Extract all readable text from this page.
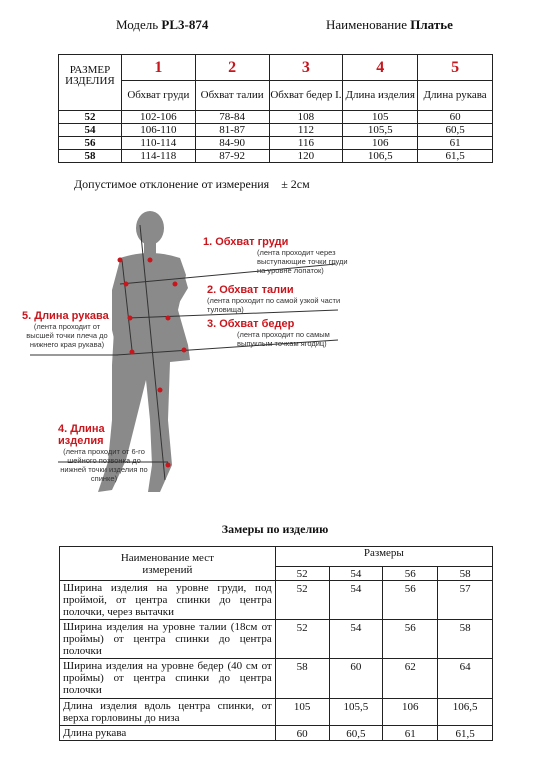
Модель PL3-874	Наименование Платье
РАЗМЕР ИЗДЕЛИЯ	1	2	3	4	5
	Обхват груди	Обхват талии	Обхват бедер I.	Длина изделия	Длина рукава
52	102-106	78-84	108	105	60
54	106-110	81-87	112	105,5	60,5
56	110-114	84-90	116	106	61
58	114-118	87-92	120	106,5	61,5
Допустимое отклонение от измерения ± 2см
1. Обхват груди
(лента проходит через выступающие точки груди на уровне лопаток)
2. Обхват талии
(лента проходит по самой узкой части туловища)
3. Обхват бедер
(лента проходит по самым выпуклым точкам ягодиц)
5. Длина рукава
(лента проходит от высшей точки плеча до нижнего края рукава)
4. Длина изделия
(лента проходит от 6-го шейного позвонка до нижней точки изделия по спинке)
Замеры по изделию
Наименование мест измерений	Размеры			
	52	54	56	58
Ширина изделия на уровне груди, под проймой, от центра спинки до центра полочки, через вытачки	52	54	56	57
Ширина изделия на уровне талии (18см от проймы) от центра спинки до центра полочки	52	54	56	58
Ширина изделия на уровне бедер (40 см от проймы) от центра спинки до центра полочки	58	60	62	64
Длина изделия вдоль центра спинки, от верха горловины до низа	105	105,5	106	106,5
Длина рукава	60	60,5	61	61,5
